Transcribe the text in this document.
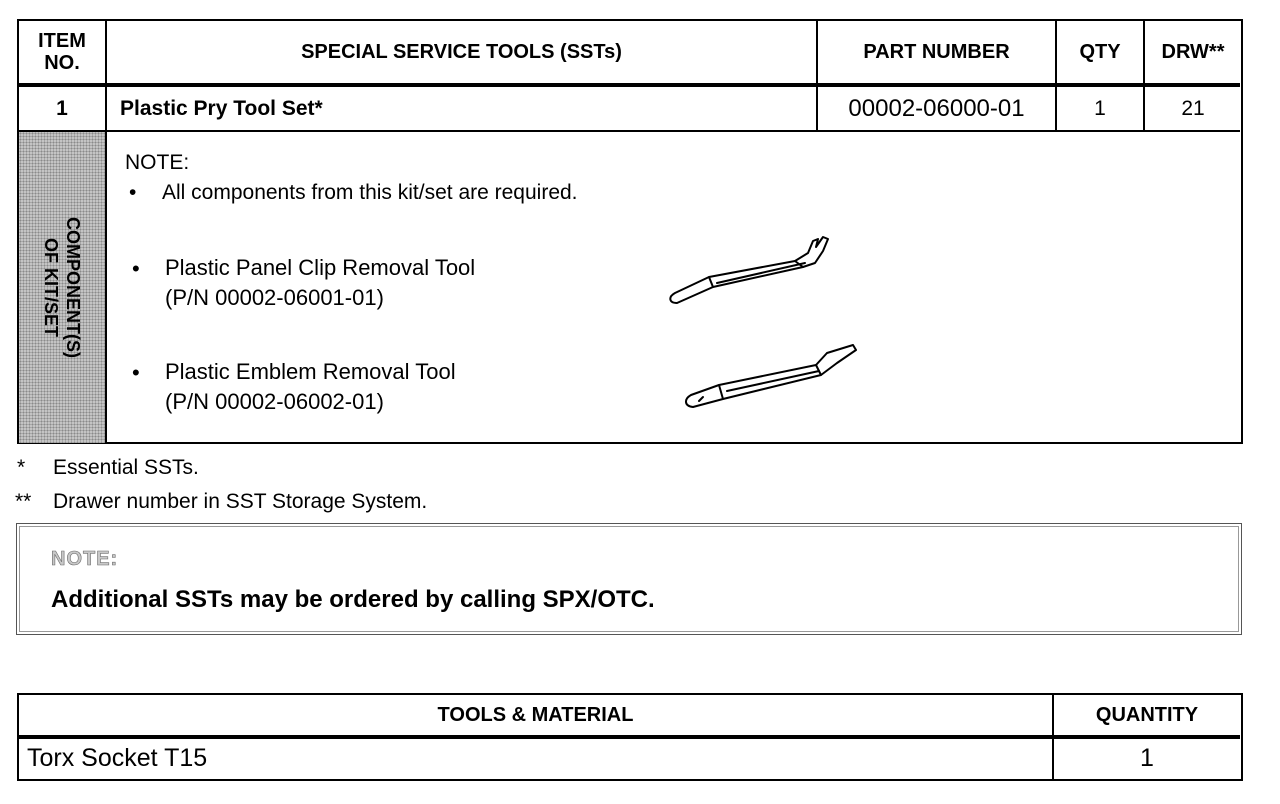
ITEM
NO.	SPECIAL SERVICE TOOLS (SSTs)	PART NUMBER	QTY	DRW**
1	Plastic Pry Tool Set*	00002-06000-01	1	21
COMPONENT(S)
OF KIT/SET
NOTE:
• All components from this kit/set are required.
• Plastic Panel Clip Removal Tool
(P/N 00002-06001-01)
• Plastic Emblem Removal Tool
(P/N 00002-06002-01)
* Essential SSTs.
** Drawer number in SST Storage System.
NOTE:
Additional SSTs may be ordered by calling SPX/OTC.
TOOLS & MATERIAL	QUANTITY
Torx Socket T15	1
